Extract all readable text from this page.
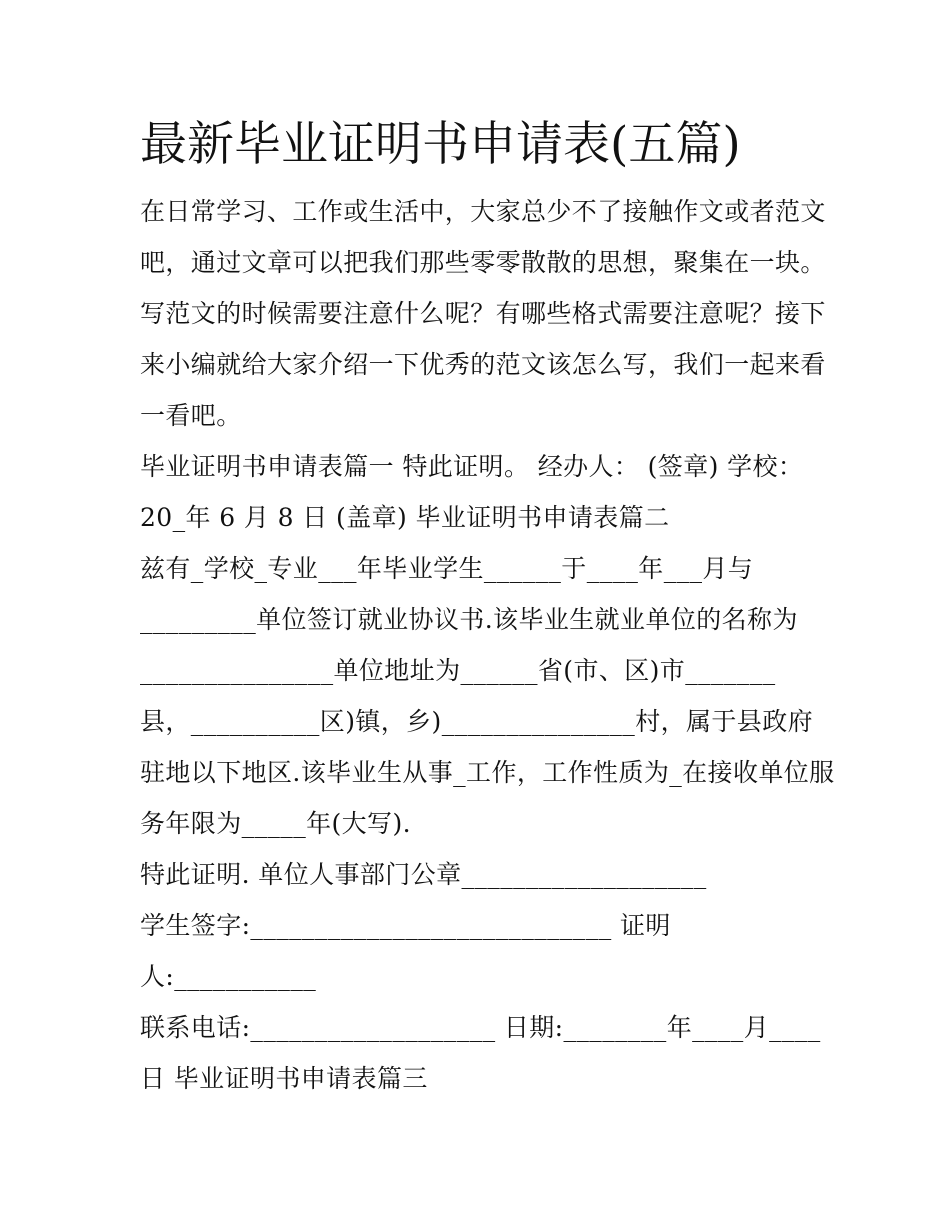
最新毕业证明书申请表(五篇)

在日常学习、工作或生活中，大家总少不了接触作文或者范文

吧，通过文章可以把我们那些零零散散的思想，聚集在一块。

写范文的时候需要注意什么呢？有哪些格式需要注意呢？接下

来小编就给大家介绍一下优秀的范文该怎么写，我们一起来看

一看吧。

毕业证明书申请表篇一 特此证明。 经办人： (签章) 学校：

20_年 6 月 8 日 (盖章) 毕业证明书申请表篇二

兹有_学校_专业___年毕业学生______于____年___月与

_________单位签订就业协议书.该毕业生就业单位的名称为

_______________单位地址为______省(市、区)市_______

县，__________区)镇，乡)_______________村，属于县政府

驻地以下地区.该毕业生从事_工作，工作性质为_在接收单位服

务年限为_____年(大写).

特此证明. 单位人事部门公章___________________

学生签字:____________________________ 证明

人:___________

联系电话:___________________ 日期:________年____月____

日 毕业证明书申请表篇三
